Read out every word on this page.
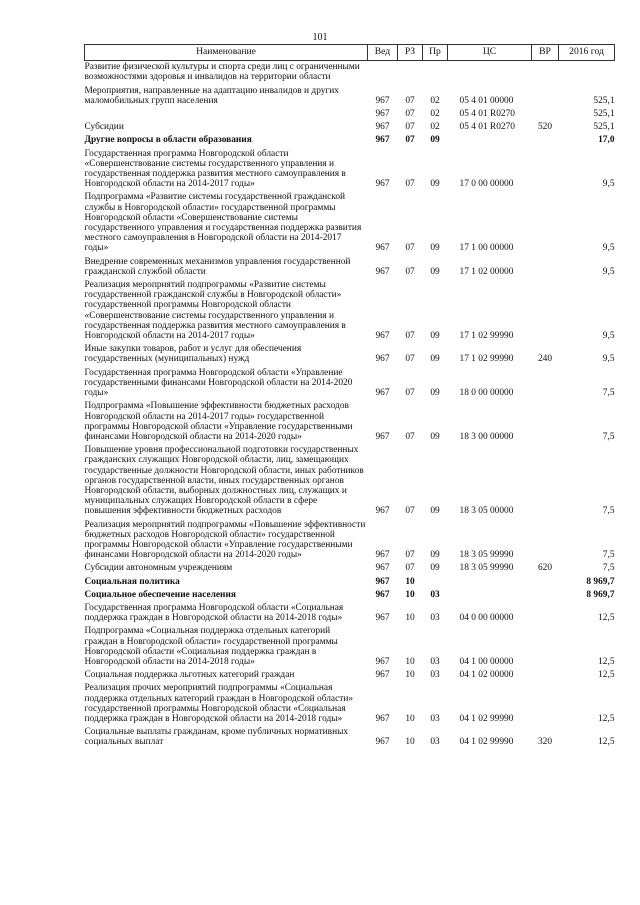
101
Наименование	Вед	РЗ	Пр	ЦС	ВР	2016 год
Развитие физической культуры и спорта среди лиц с ограниченными возможностями здоровья и инвалидов на территории области						
Мероприятия, направленные на адаптацию инвалидов и других маломобильных групп населения	967	07	02	05 4 01 00000		525,1
	967	07	02	05 4 01 R0270		525,1
Субсидии	967	07	02	05 4 01 R0270	520	525,1
Другие вопросы в области образования	967	07	09			17,0
Государственная программа Новгородской области «Совершенствование системы государственного управления и государственная поддержка развития местного самоуправления в Новгородской области на 2014-2017 годы»	967	07	09	17 0 00 00000		9,5
Подпрограмма «Развитие системы государственной гражданской службы в Новгородской области» государственной программы Новгородской области «Совершенствование системы государственного управления и государственная поддержка развития местного самоуправления в Новгородской области на 2014-2017 годы»	967	07	09	17 1 00 00000		9,5
Внедрение современных механизмов управления государственной гражданской службой области	967	07	09	17 1 02 00000		9,5
Реализация мероприятий подпрограммы «Развитие системы государственной гражданской службы в Новгородской области» государственной программы Новгородской области «Совершенствование системы государственного управления и государственная поддержка развития местного самоуправления в Новгородской области на 2014-2017 годы»	967	07	09	17 1 02 99990		9,5
Иные закупки товаров, работ и услуг для обеспечения государственных (муниципальных) нужд	967	07	09	17 1 02 99990	240	9,5
Государственная программа Новгородской области «Управление государственными финансами Новгородской области на 2014-2020 годы»	967	07	09	18 0 00 00000		7,5
Подпрограмма «Повышение эффективности бюджетных расходов Новгородской области на 2014-2017 годы» государственной программы Новгородской области «Управление государственными финансами Новгородской области на 2014-2020 годы»	967	07	09	18 3 00 00000		7,5
Повышение уровня профессиональной подготовки государственных гражданских служащих Новгородской области, лиц, замещающих государственные должности Новгородской области, иных работников органов государственной власти, иных государственных органов Новгородской области, выборных должностных лиц, служащих и муниципальных служащих Новгородской области в сфере повышения эффективности бюджетных расходов	967	07	09	18 3 05 00000		7,5
Реализация мероприятий подпрограммы «Повышение эффективности бюджетных расходов Новгородской области» государственной программы Новгородской области «Управление государственными финансами Новгородской области на 2014-2020 годы»	967	07	09	18 3 05 99990		7,5
Субсидии автономным учреждениям	967	07	09	18 3 05 99990	620	7,5
Социальная политика	967	10				8 969,7
Социальное обеспечение населения	967	10	03			8 969,7
Государственная программа Новгородской области «Социальная поддержка граждан в Новгородской области на 2014-2018 годы»	967	10	03	04 0 00 00000		12,5
Подпрограмма «Социальная поддержка отдельных категорий граждан в Новгородской области» государственной программы Новгородской области «Социальная поддержка граждан в Новгородской области на 2014-2018 годы»	967	10	03	04 1 00 00000		12,5
Социальная поддержка льготных категорий граждан	967	10	03	04 1 02 00000		12,5
Реализация прочих мероприятий подпрограммы «Социальная поддержка отдельных категорий граждан в Новгородской области» государственной программы Новгородской области «Социальная поддержка граждан в Новгородской области на 2014-2018 годы»	967	10	03	04 1 02 99990		12,5
Социальные выплаты гражданам, кроме публичных нормативных социальных выплат	967	10	03	04 1 02 99990	320	12,5
